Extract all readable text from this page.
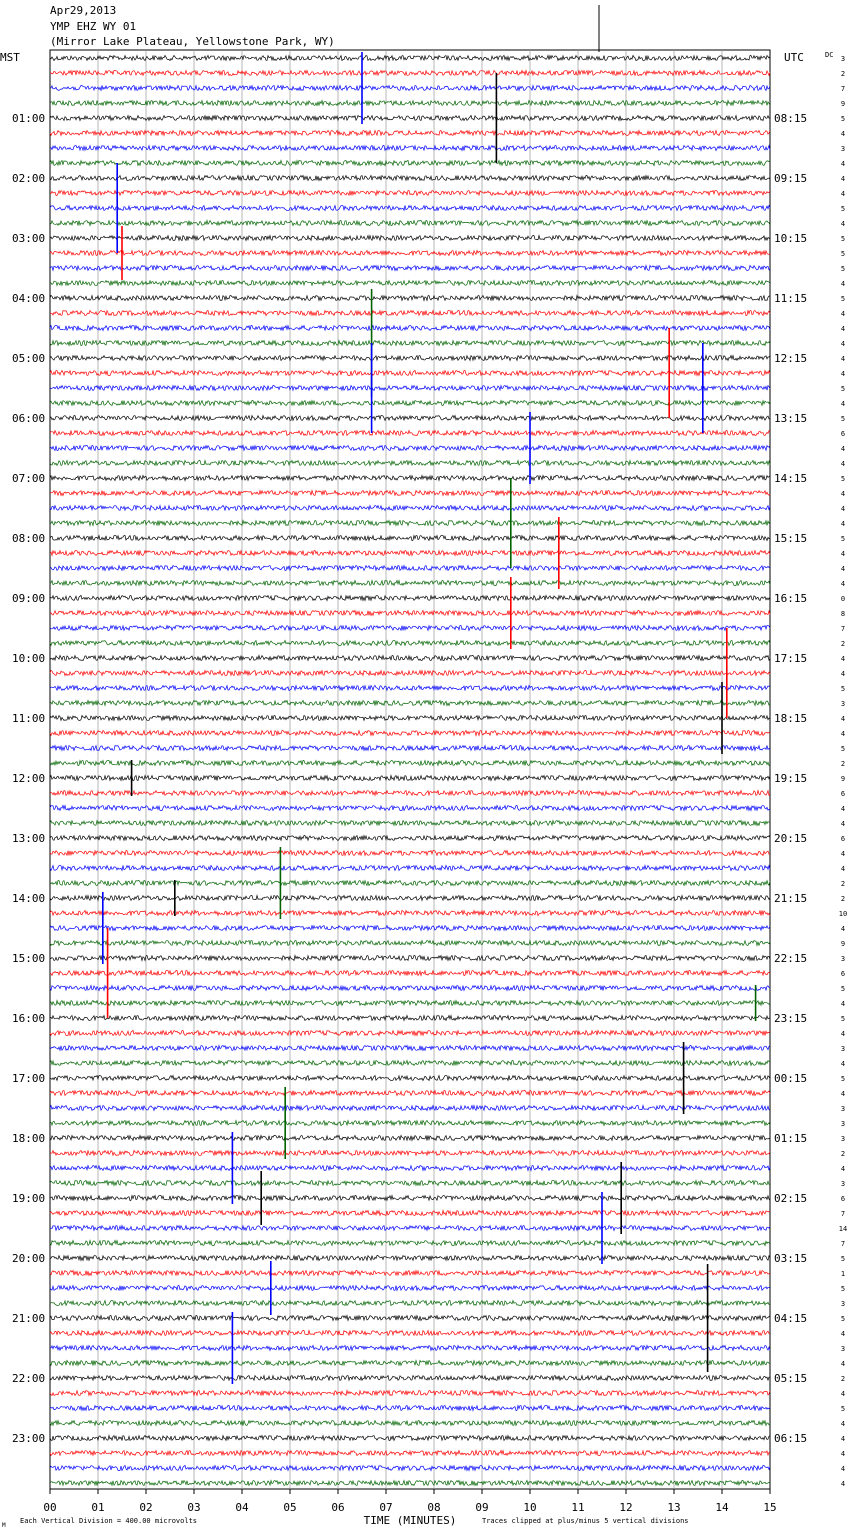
Apr29,2013
YMP EHZ WY 01
(Mirror Lake Plateau, Yellowstone Park, WY)
MST	UTC	DC
01:00
02:00
03:00
04:00
05:00
06:00
07:00
08:00
09:00
10:00
11:00
12:00
13:00
14:00
15:00
16:00
17:00
18:00
19:00
20:00
21:00
22:00
23:00
08:15
09:15
10:15
11:15
12:15
13:15
14:15
15:15
16:15
17:15
18:15
19:15
20:15
21:15
22:15
23:15
00:15
01:15
02:15
03:15
04:15
05:15
06:15
3
2
7
9
5
4
3
4
4
4
5
4
5
5
5
4
5
4
4
4
4
4
5
4
5
6
4
4
5
4
4
4
5
4
4
4
0
8
7
2
4
4
5
3
4
4
5
2
9
6
4
4
6
4
4
2
2
10
4
9
3
6
5
4
5
4
3
4
5
4
3
3
3
2
4
3
6
7
14
7
5
1
5
3
5
4
3
4
2
4
5
4
4
4
4
4
00	01	02	03	04	05	06	07	08	09	10	11	12	13	14	15
TIME (MINUTES)
Each Vertical Division = 400.00 microvolts	Traces clipped at plus/minus 5 vertical divisions
M
